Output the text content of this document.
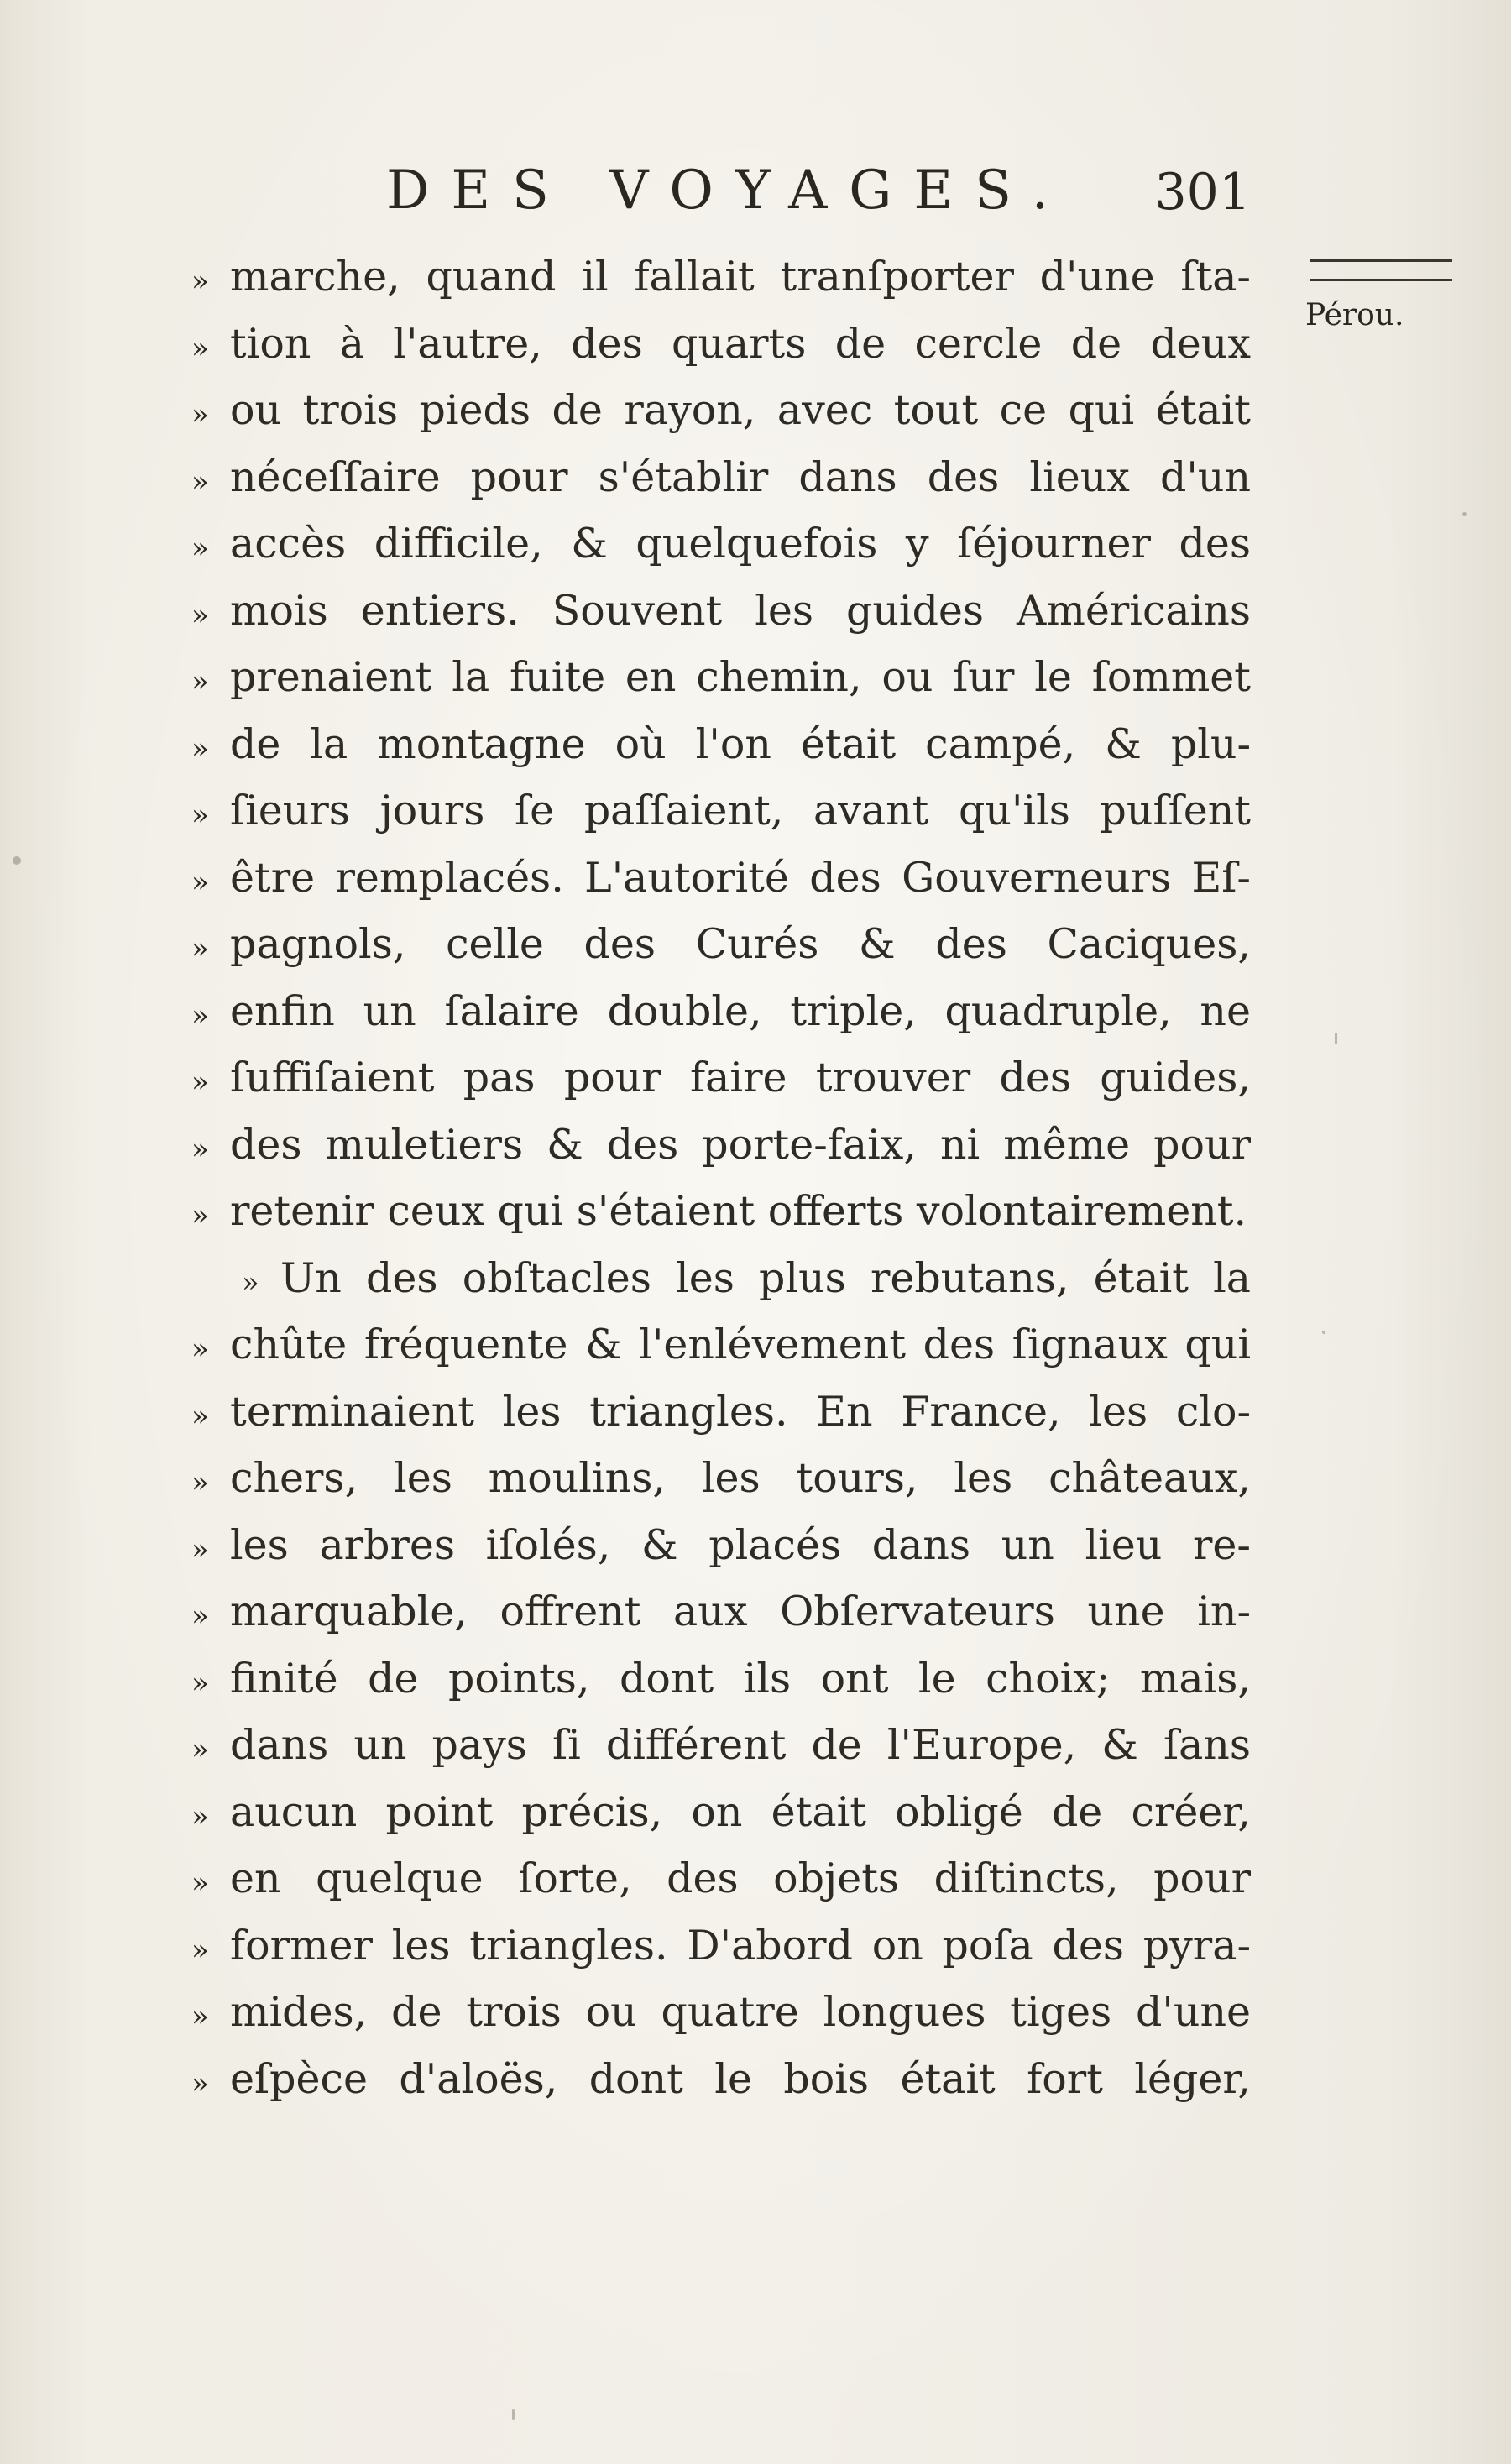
DES VOYAGES. 301
Pérou.
» marche, quand il fallait tranſporter d'une ſta-
» tion à l'autre, des quarts de cercle de deux
» ou trois pieds de rayon, avec tout ce qui était
» néceſſaire pour s'établir dans des lieux d'un
» accès difficile, & quelquefois y ſéjourner des
» mois entiers. Souvent les guides Américains
» prenaient la fuite en chemin, ou ſur le ſommet
» de la montagne où l'on était campé, & plu-
» ſieurs jours ſe paſſaient, avant qu'ils puſſent
» être remplacés. L'autorité des Gouverneurs Eſ-
» pagnols, celle des Curés & des Caciques,
» enfin un ſalaire double, triple, quadruple, ne
» ſuffiſaient pas pour faire trouver des guides,
» des muletiers & des porte-faix, ni même pour
» retenir ceux qui s'étaient offerts volontairement.
» Un des obſtacles les plus rebutans, était la
» chûte fréquente & l'enlévement des ſignaux qui
» terminaient les triangles. En France, les clo-
» chers, les moulins, les tours, les châteaux,
» les arbres iſolés, & placés dans un lieu re-
» marquable, offrent aux Obſervateurs une in-
» finité de points, dont ils ont le choix; mais,
» dans un pays ſi différent de l'Europe, & ſans
» aucun point précis, on était obligé de créer,
» en quelque ſorte, des objets diſtincts, pour
» former les triangles. D'abord on poſa des pyra-
» mides, de trois ou quatre longues tiges d'une
» eſpèce d'aloës, dont le bois était fort léger,
